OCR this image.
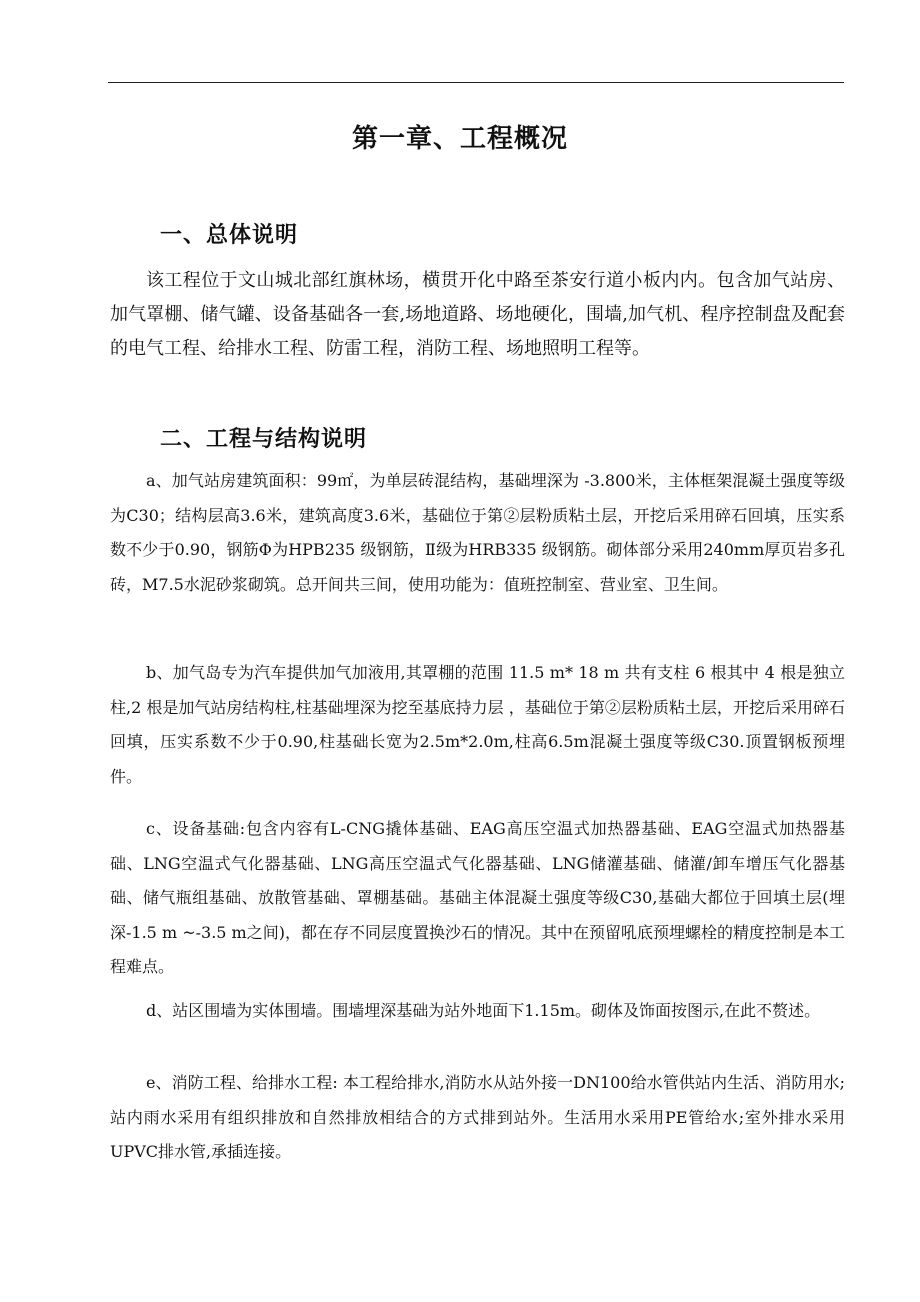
第一章、工程概况
一、总体说明

该工程位于文山城北部红旗林场，横贯开化中路至茶安行道小板内内。包含加气站房、加气罩棚、储气罐、设备基础各一套,场地道路、场地硬化，围墙,加气机、程序控制盘及配套的电气工程、给排水工程、防雷工程，消防工程、场地照明工程等。

二、工程与结构说明

a、加气站房建筑面积：99㎡，为单层砖混结构，基础埋深为 -3.800米，主体框架混凝土强度等级为C30；结构层高3.6米，建筑高度3.6米，基础位于第②层粉质粘土层，开挖后采用碎石回填，压实系数不少于0.90，钢筋Φ为HPB235 级钢筋，Ⅱ级为HRB335 级钢筋。砌体部分采用240mm厚页岩多孔砖，M7.5水泥砂浆砌筑。总开间共三间，使用功能为：值班控制室、营业室、卫生间。

b、加气岛专为汽车提供加气加液用,其罩棚的范围 11.5 m* 18 m 共有支柱 6 根其中 4 根是独立柱,2 根是加气站房结构柱,柱基础埋深为挖至基底持力层 ，基础位于第②层粉质粘土层，开挖后采用碎石回填，压实系数不少于0.90,柱基础长宽为2.5m*2.0m,柱高6.5m混凝土强度等级C30.顶置钢板预埋件。

c、设备基础:包含内容有L-CNG撬体基础、EAG高压空温式加热器基础、EAG空温式加热器基础、LNG空温式气化器基础、LNG高压空温式气化器基础、LNG储灌基础、储灌/卸车增压气化器基础、储气瓶组基础、放散管基础、罩棚基础。基础主体混凝土强度等级C30,基础大都位于回填土层(埋深-1.5 m ~-3.5 m之间)，都在存不同层度置换沙石的情况。其中在预留吼底预埋螺栓的精度控制是本工程难点。

d、站区围墙为实体围墙。围墙埋深基础为站外地面下1.15m。砌体及饰面按图示,在此不赘述。

e、消防工程、给排水工程: 本工程给排水,消防水从站外接一DN100给水管供站内生活、消防用水;站内雨水采用有组织排放和自然排放相结合的方式排到站外。生活用水采用PE管给水;室外排水采用UPVC排水管,承插连接。
